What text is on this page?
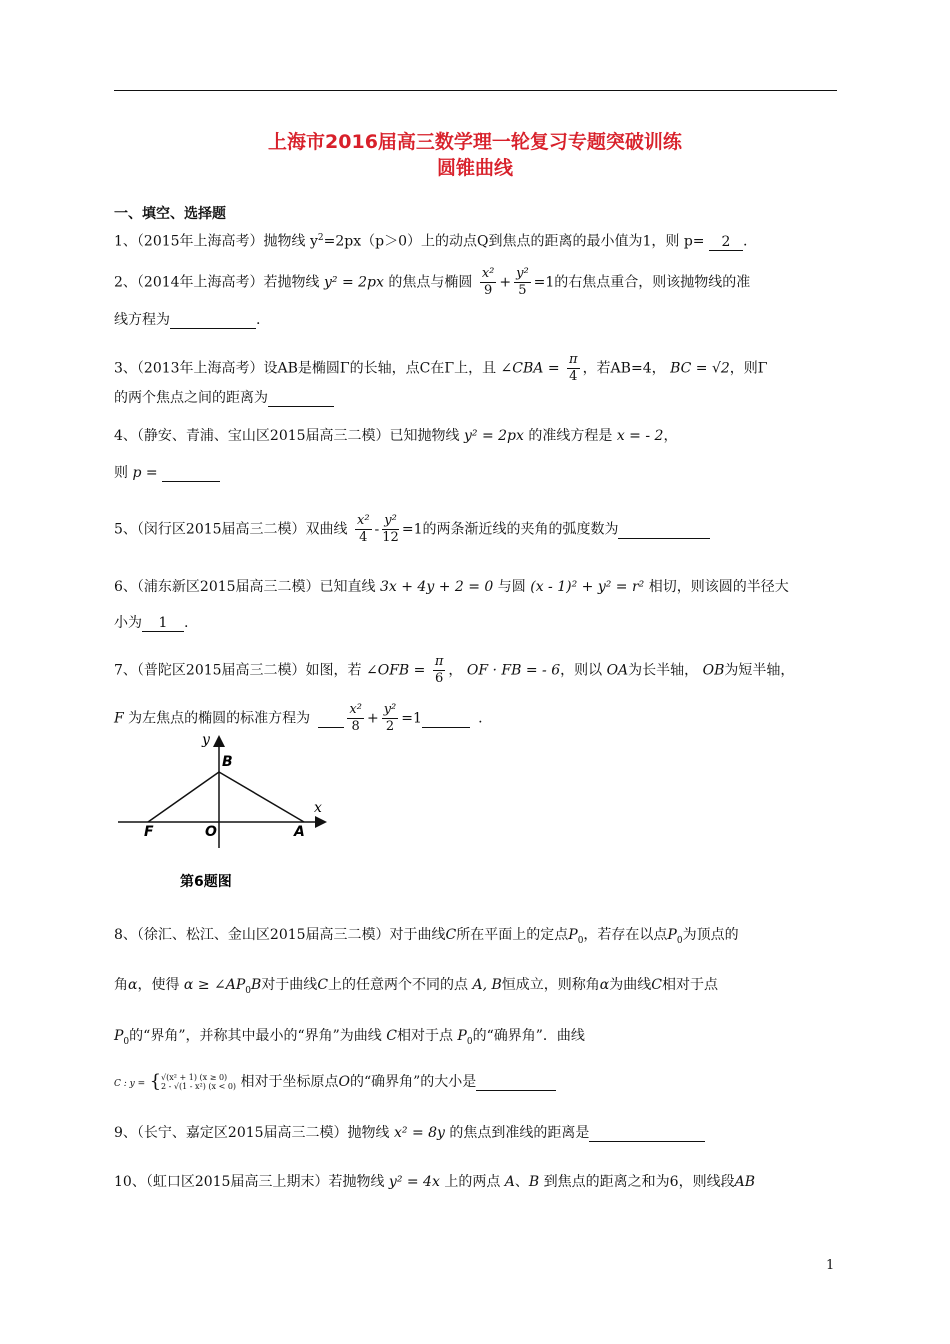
上海市2016届高三数学理一轮复习专题突破训练
圆锥曲线
一、填空、选择题
1、（2015年上海高考）抛物线 $y^2=2px(p>0)$上的动点Q到焦点的距离的最小值为1，则 p= 2 .
2、（2014年上海高考）若抛物线 y² = 2px 的焦点与椭圆 $\frac{\text{x²}}{9} + \frac{\text{y²}}{5} =1$的右焦点重合，则该抛物线的准
线方程为	.
3、（2013年上海高考）设AB是椭圆Γ的长轴，点C在Γ上，且 ∠CBA = $\frac{\pi}{4}$ ，若AB=4， BC = √2，则Γ
的两个焦点之间的距离为
4、（静安、青浦、宝山区2015届高三二模）已知抛物线 y² = 2px 的准线方程是 x = - 2，
则 p =
5、（闵行区2015届高三二模）双曲线 $\frac{\text{x²}}{4} - \frac{\text{y²}}{12} =1$的两条渐近线的夹角的弧度数为
6、（浦东新区2015届高三二模）已知直线 3x + 4y + 2 = 0 与圆 (x - 1)² + y² = r² 相切，则该圆的半径大
小为 1 .
7、（普陀区2015届高三二模）如图，若 ∠OFB = $\frac{\pi}{6}$ ， OF · FB = - 6，则以 OA为长半轴， OB为短半轴，
F 为左焦点的椭圆的标准方程为	$\frac{\text{x²}}{8} + \frac{\text{y²}}{2} =1$	.
y
x
B
F	O	A
第6题图
8、（徐汇、松江、金山区2015届高三二模）对于曲线C所在平面上的定点$P_0$，若存在以点$P_0$为顶点的
角α，使得 $\alpha \ge \angle AP_0B$对于曲线C上的任意两个不同的点 A, B恒成立，则称角α为曲线C相对于点
$P_0$的“界角”，并称其中最小的“界角”为曲线 C相对于点 $P_0$的“确界角”．曲线
C : y = { √(x² + 1) (x ≥ 0)
2 - √(1 - x²) (x < 0) 相对于坐标原点O的“确界角”的大小是
9、（长宁、嘉定区2015届高三二模）抛物线 x² = 8y 的焦点到准线的距离是
10、（虹口区2015届高三上期末）若抛物线 y² = 4x 上的两点 A、B 到焦点的距离之和为6，则线段AB
1
